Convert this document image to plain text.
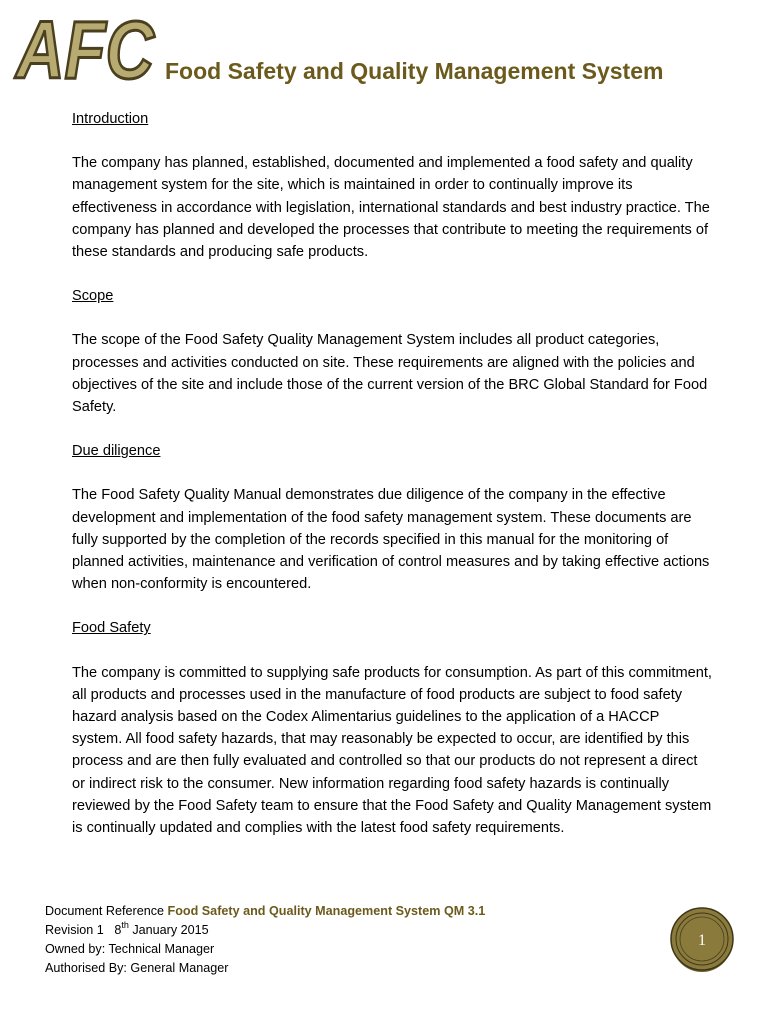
AFC Food Safety and Quality Management System
Introduction

The company has planned, established, documented and implemented a food safety and quality management system for the site, which is maintained in order to continually improve its effectiveness in accordance with legislation, international standards and best industry practice. The company has planned and developed the processes that contribute to meeting the requirements of these standards and producing safe products.

Scope

The scope of the Food Safety Quality Management System includes all product categories, processes and activities conducted on site. These requirements are aligned with the policies and objectives of the site and include those of the current version of the BRC Global Standard for Food Safety.

Due diligence

The Food Safety Quality Manual demonstrates due diligence of the company in the effective development and implementation of the food safety management system. These documents are fully supported by the completion of the records specified in this manual for the monitoring of planned activities, maintenance and verification of control measures and by taking effective actions when non-conformity is encountered.

Food Safety

The company is committed to supplying safe products for consumption. As part of this commitment, all products and processes used in the manufacture of food products are subject to food safety hazard analysis based on the Codex Alimentarius guidelines to the application of a HACCP system. All food safety hazards, that may reasonably be expected to occur, are identified by this process and are then fully evaluated and controlled so that our products do not represent a direct or indirect risk to the consumer. New information regarding food safety hazards is continually reviewed by the Food Safety team to ensure that the Food Safety and Quality Management system is continually updated and complies with the latest food safety requirements.

Document Reference Food Safety and Quality Management System QM 3.1
Revision 1 8th January 2015
Owned by: Technical Manager
Authorised By: General Manager
1
